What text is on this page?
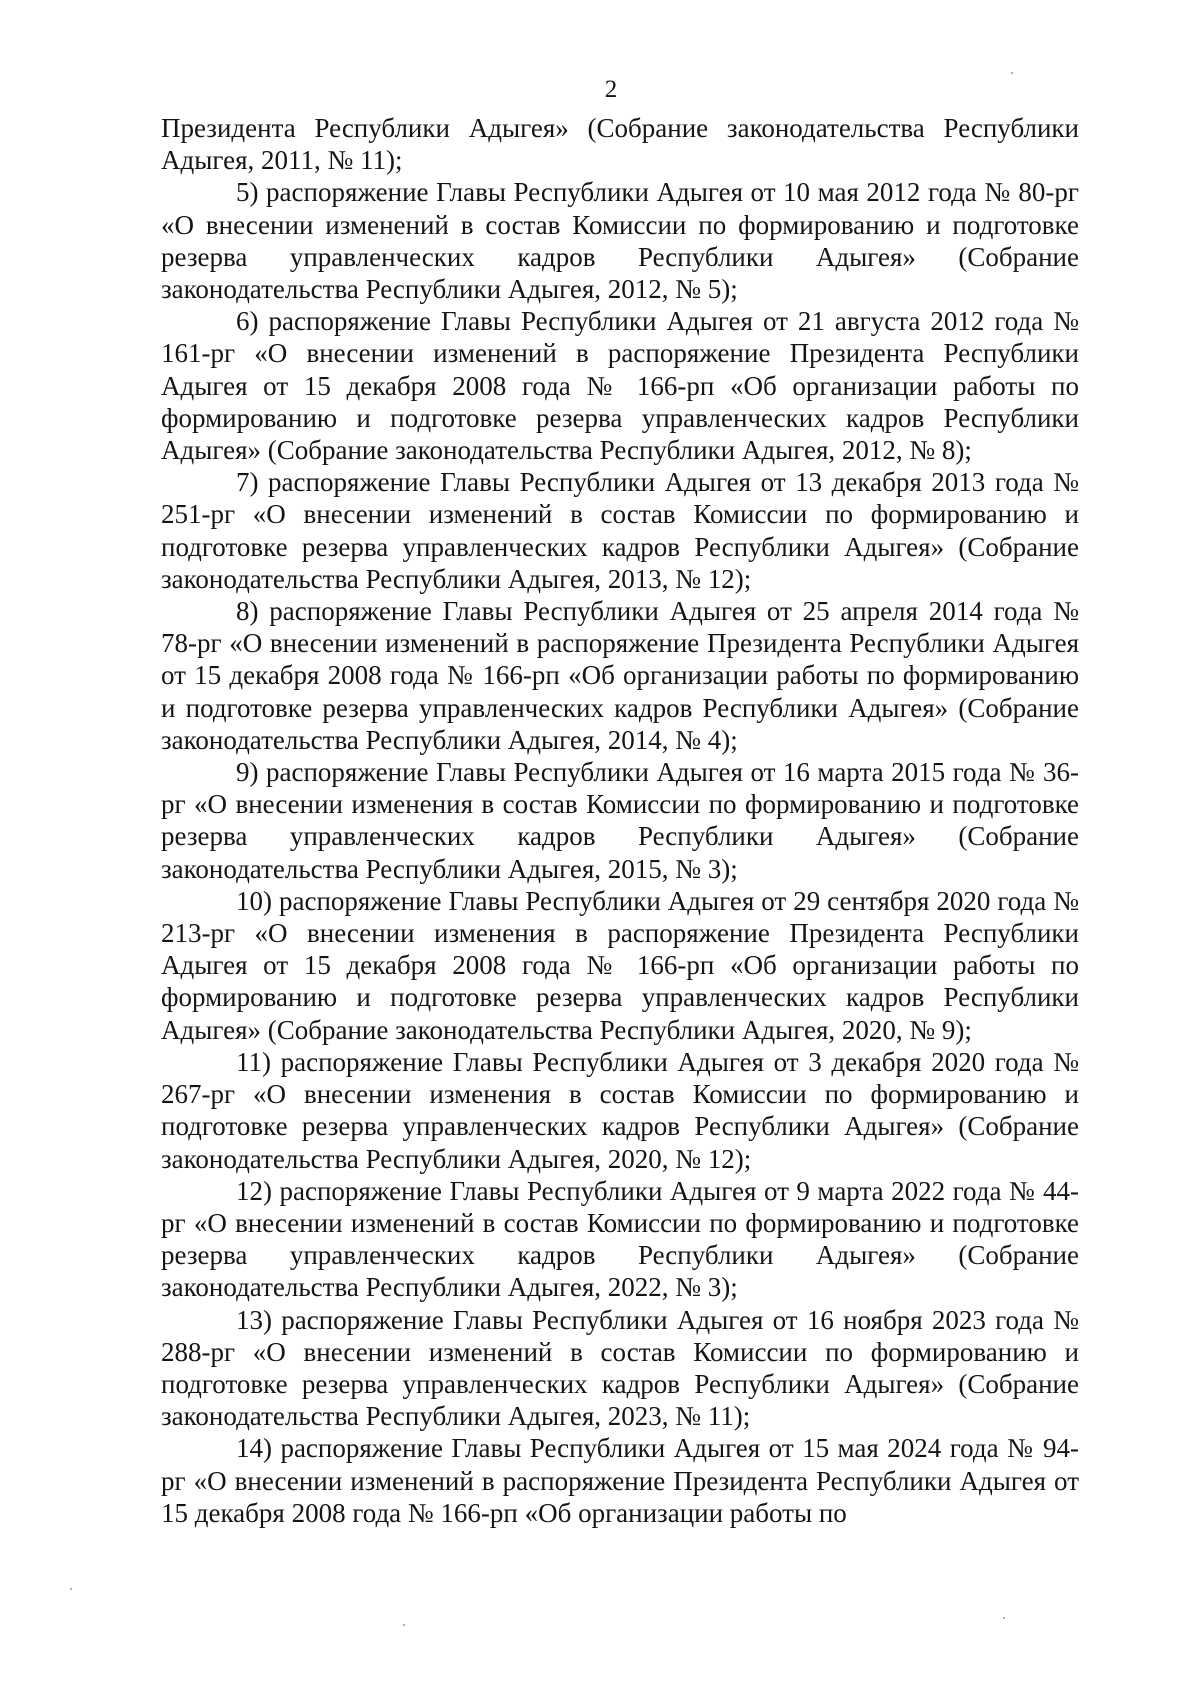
2

Президента Республики Адыгея» (Собрание законодательства Республики Адыгея, 2011, № 11);

5) распоряжение Главы Республики Адыгея от 10 мая 2012 года № 80-рг «О внесении изменений в состав Комиссии по формированию и подготовке резерва управленческих кадров Республики Адыгея» (Собрание законодательства Республики Адыгея, 2012, № 5);

6) распоряжение Главы Республики Адыгея от 21 августа 2012 года № 161-рг «О внесении изменений в распоряжение Президента Республики Адыгея от 15 декабря 2008 года № 166-рп «Об организации работы по формированию и подготовке резерва управленческих кадров Республики Адыгея» (Собрание законодательства Республики Адыгея, 2012, № 8);

7) распоряжение Главы Республики Адыгея от 13 декабря 2013 года № 251-рг «О внесении изменений в состав Комиссии по формированию и подготовке резерва управленческих кадров Республики Адыгея» (Собрание законодательства Республики Адыгея, 2013, № 12);

8) распоряжение Главы Республики Адыгея от 25 апреля 2014 года № 78-рг «О внесении изменений в распоряжение Президента Республики Адыгея от 15 декабря 2008 года № 166-рп «Об организации работы по формированию и подготовке резерва управленческих кадров Республики Адыгея» (Собрание законодательства Республики Адыгея, 2014, № 4);

9) распоряжение Главы Республики Адыгея от 16 марта 2015 года № 36-рг «О внесении изменения в состав Комиссии по формированию и подготовке резерва управленческих кадров Республики Адыгея» (Собрание законодательства Республики Адыгея, 2015, № 3);

10) распоряжение Главы Республики Адыгея от 29 сентября 2020 года № 213-рг «О внесении изменения в распоряжение Президента Республики Адыгея от 15 декабря 2008 года № 166-рп «Об организации работы по формированию и подготовке резерва управленческих кадров Республики Адыгея» (Собрание законодательства Республики Адыгея, 2020, № 9);

11) распоряжение Главы Республики Адыгея от 3 декабря 2020 года № 267-рг «О внесении изменения в состав Комиссии по формированию и подготовке резерва управленческих кадров Республики Адыгея» (Собрание законодательства Республики Адыгея, 2020, № 12);

12) распоряжение Главы Республики Адыгея от 9 марта 2022 года № 44-рг «О внесении изменений в состав Комиссии по формированию и подготовке резерва управленческих кадров Республики Адыгея» (Собрание законодательства Республики Адыгея, 2022, № 3);

13) распоряжение Главы Республики Адыгея от 16 ноября 2023 года № 288-рг «О внесении изменений в состав Комиссии по формированию и подготовке резерва управленческих кадров Республики Адыгея» (Собрание законодательства Республики Адыгея, 2023, № 11);

14) распоряжение Главы Республики Адыгея от 15 мая 2024 года № 94-рг «О внесении изменений в распоряжение Президента Республики Адыгея от 15 декабря 2008 года № 166-рп «Об организации работы по
